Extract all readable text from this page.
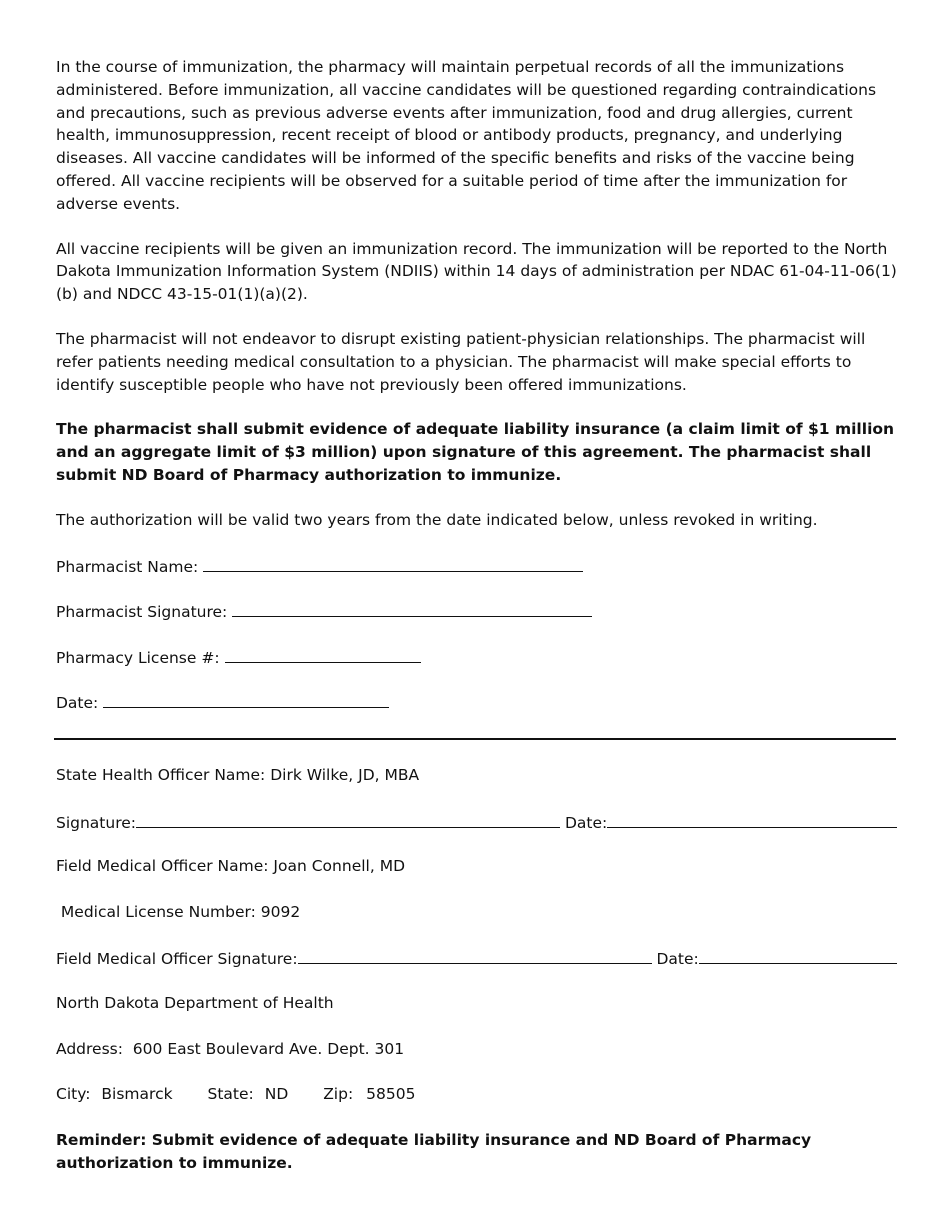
In the course of immunization, the pharmacy will maintain perpetual records of all the immunizations administered. Before immunization, all vaccine candidates will be questioned regarding contraindications and precautions, such as previous adverse events after immunization, food and drug allergies, current health, immunosuppression, recent receipt of blood or antibody products, pregnancy, and underlying diseases. All vaccine candidates will be informed of the specific benefits and risks of the vaccine being offered. All vaccine recipients will be observed for a suitable period of time after the immunization for adverse events.

All vaccine recipients will be given an immunization record. The immunization will be reported to the North Dakota Immunization Information System (NDIIS) within 14 days of administration per NDAC 61-04-11-06(1)(b) and NDCC 43-15-01(1)(a)(2).

The pharmacist will not endeavor to disrupt existing patient-physician relationships. The pharmacist will refer patients needing medical consultation to a physician. The pharmacist will make special efforts to identify susceptible people who have not previously been offered immunizations.

The pharmacist shall submit evidence of adequate liability insurance (a claim limit of $1 million and an aggregate limit of $3 million) upon signature of this agreement. The pharmacist shall submit ND Board of Pharmacy authorization to immunize.

The authorization will be valid two years from the date indicated below, unless revoked in writing.

Pharmacist Name:
Pharmacist Signature:
Pharmacy License #:
Date:
State Health Officer Name: Dirk Wilke, JD, MBA
Signature:	Date:
Field Medical Officer Name: Joan Connell, MD
Medical License Number: 9092
Field Medical Officer Signature:	Date:
North Dakota Department of Health
Address:  600 East Boulevard Ave. Dept. 301
City: Bismarck State: ND Zip: 58505

Reminder: Submit evidence of adequate liability insurance and ND Board of Pharmacy authorization to immunize.
